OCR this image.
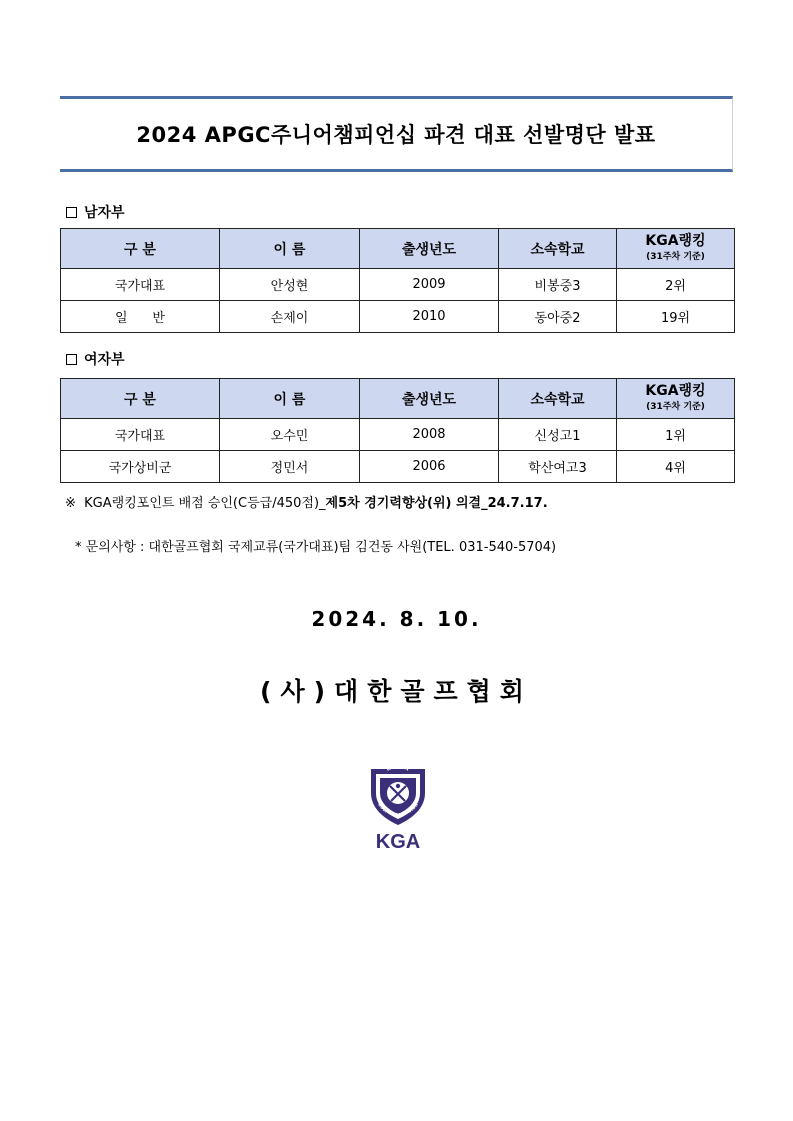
2024 APGC주니어챔피언십 파견 대표 선발명단 발표
남자부
구 분	이 름	출생년도	소속학교	KGA랭킹
(31주차 기준)

국가대표	안성현	2009	비봉중3	2위
일      반	손제이	2010	동아중2	19위
여자부
구 분	이 름	출생년도	소속학교	KGA랭킹
(31주차 기준)

국가대표	오수민	2008	신성고1	1위
국가상비군	정민서	2006	학산여고3	4위
※  KGA랭킹포인트 배점 승인(C등급/450점)_제5차 경기력향상(위) 의결_24.7.17.
* 문의사항 : 대한골프협회 국제교류(국가대표)팀 김건동 사원(TEL. 031-540-5704)
2024. 8. 10.
(사)대한골프협회
KOREA
GOLF ASSOCIATION
KGA
